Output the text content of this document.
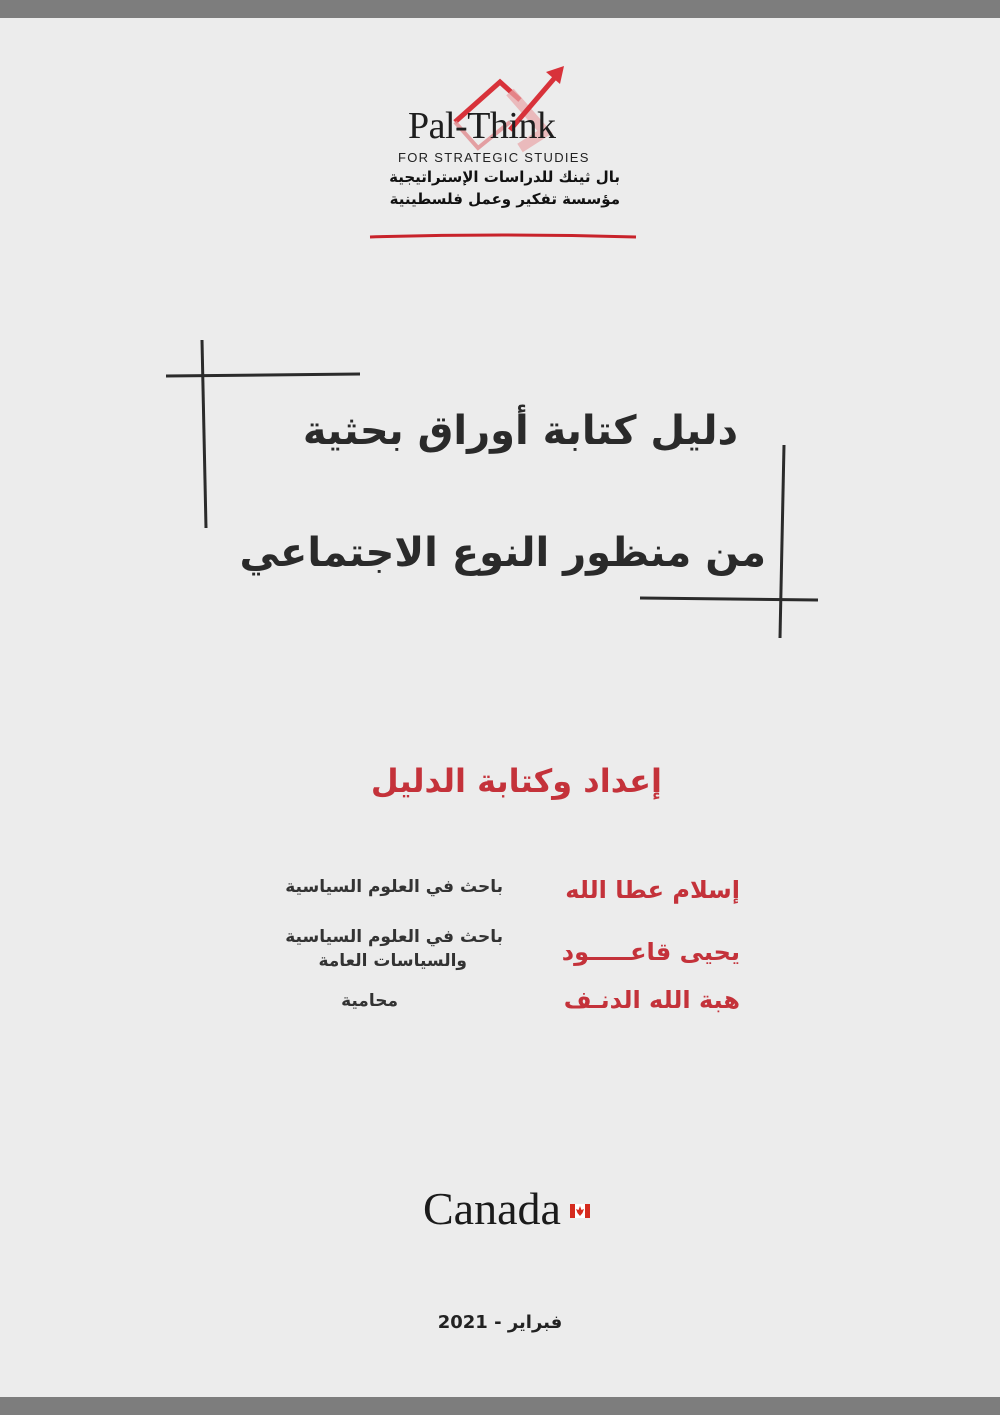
Pal-Think
FOR STRATEGIC STUDIES
بال ثينك للدراسات الإستراتيجية
مؤسسة تفكير وعمل فلسطينية
دليل كتابة أوراق بحثية
من منظور النوع الاجتماعي
إعداد وكتابة الدليل
إسلام عطا الله
باحث في العلوم السياسية
يحيى قاعـــــود
باحث في العلوم السياسية
والسياسات العامة
هبة الله الدنـف
محامية
Canada
فبراير - 2021
